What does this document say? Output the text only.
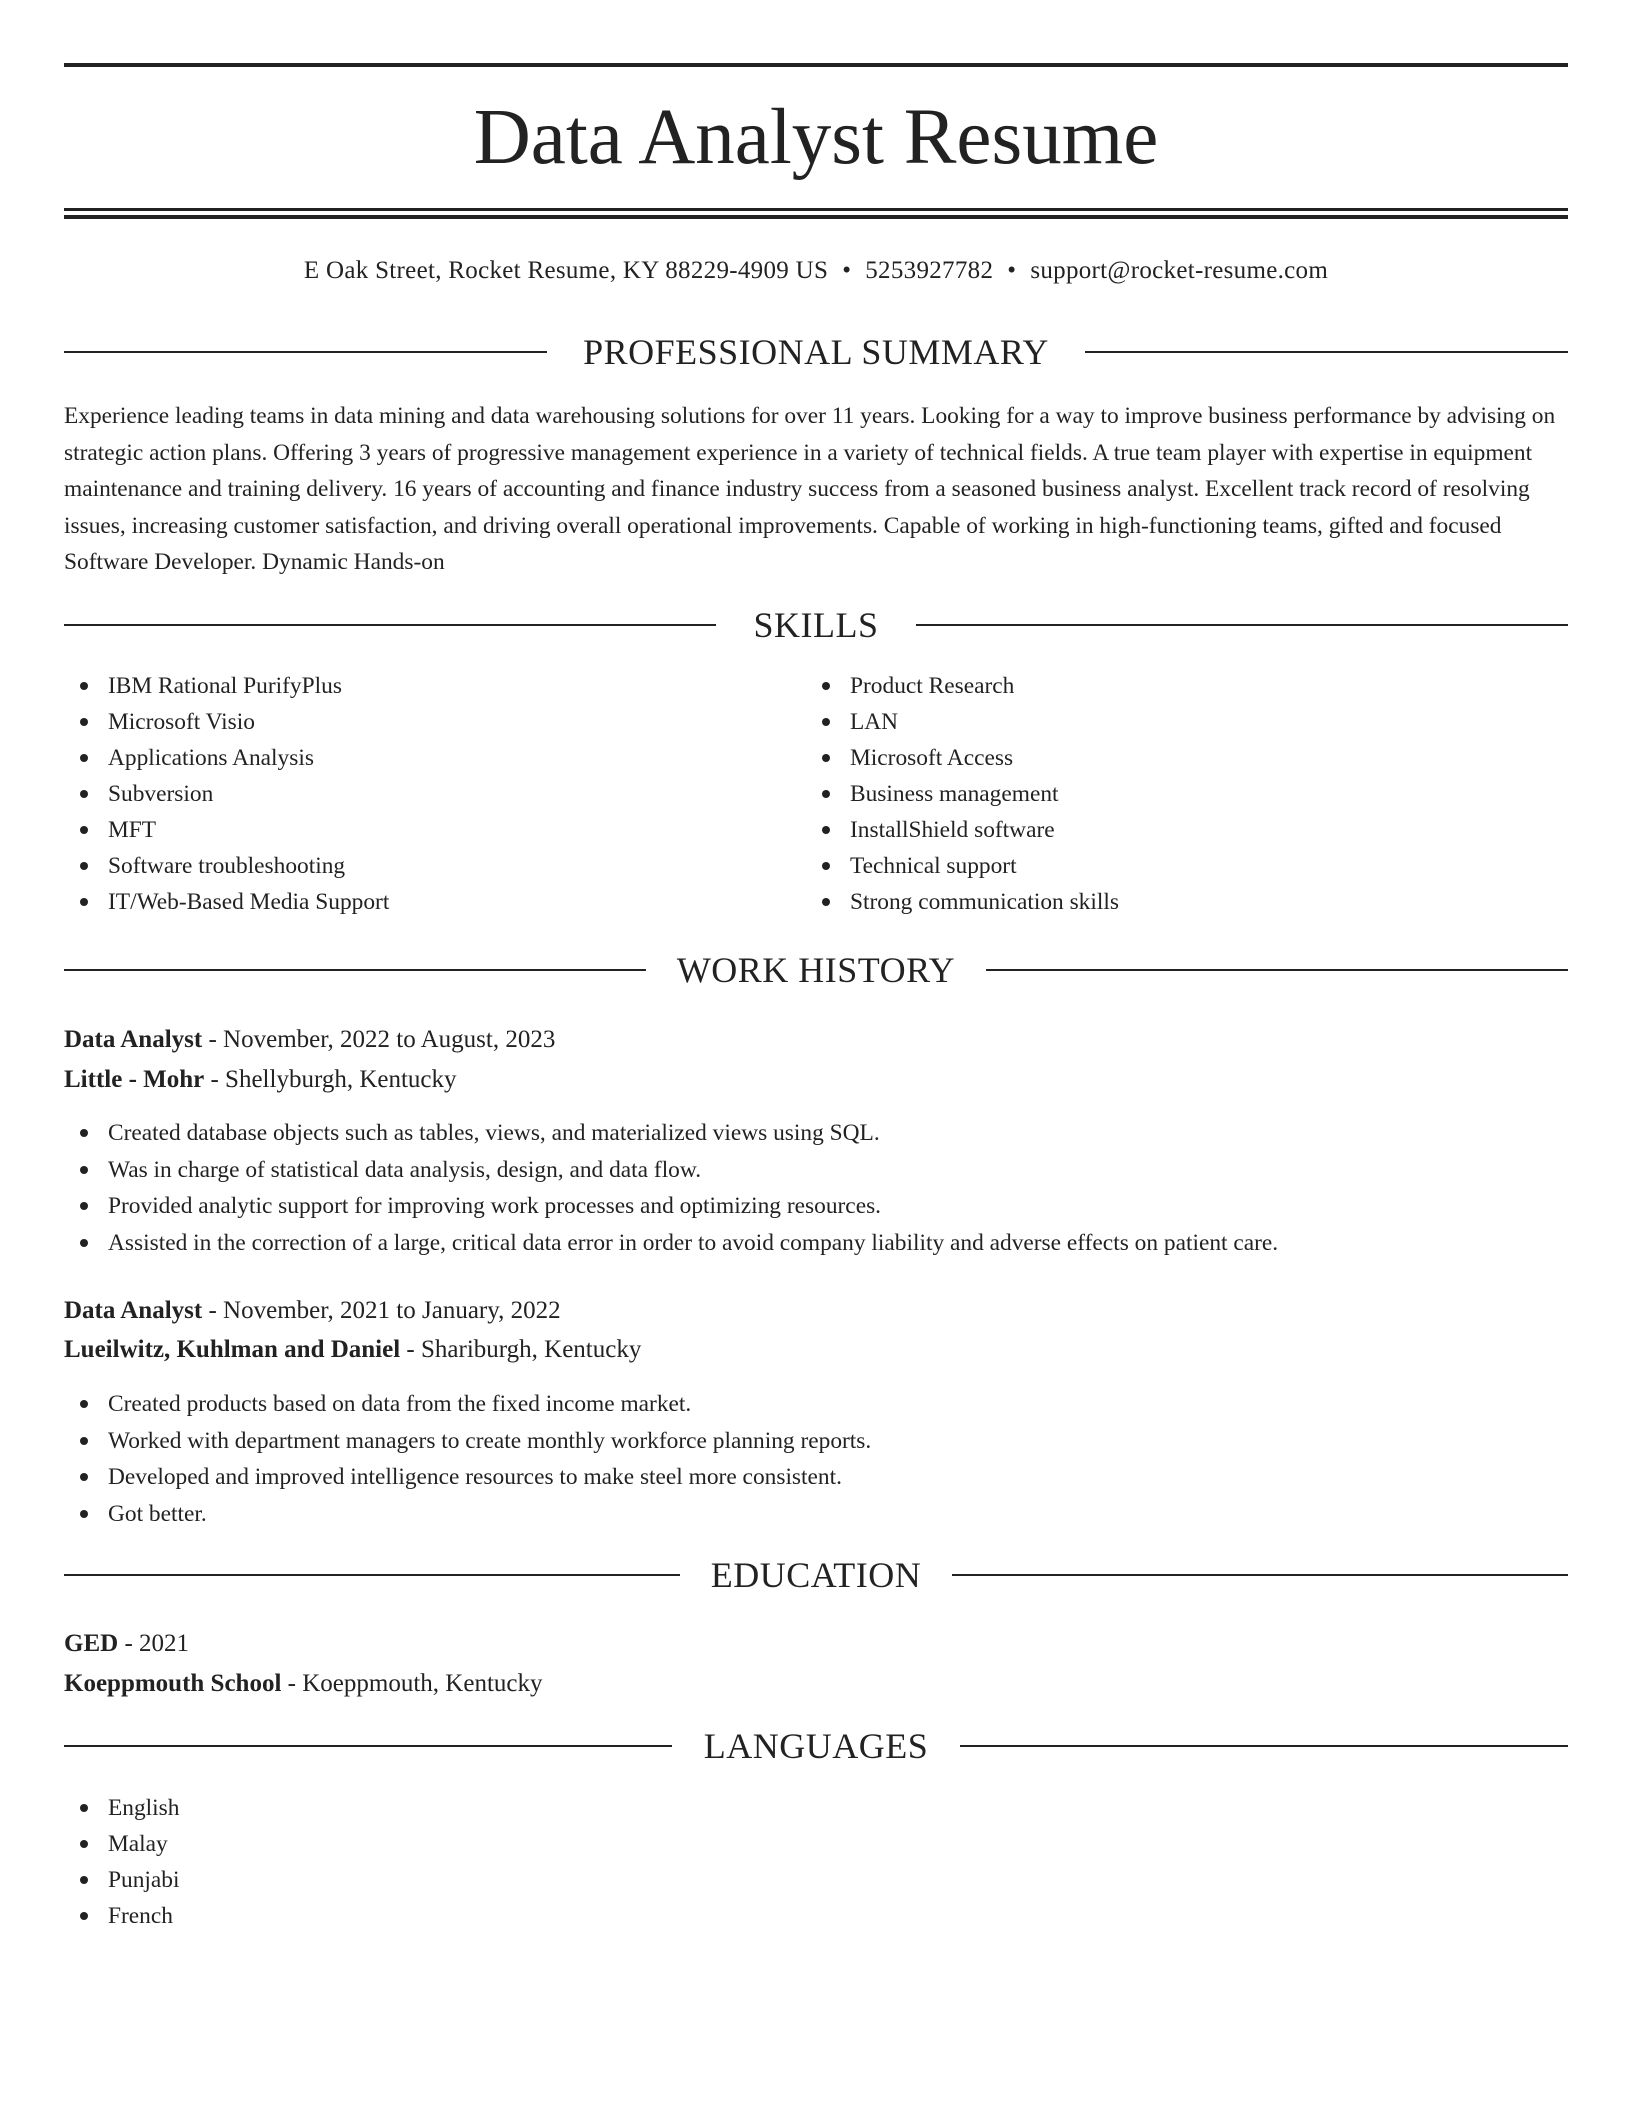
Data Analyst Resume
E Oak Street, Rocket Resume, KY 88229-4909 US • 5253927782 • support@rocket-resume.com
PROFESSIONAL SUMMARY

Experience leading teams in data mining and data warehousing solutions for over 11 years. Looking for a way to improve business performance by advising on strategic action plans. Offering 3 years of progressive management experience in a variety of technical fields. A true team player with expertise in equipment maintenance and training delivery. 16 years of accounting and finance industry success from a seasoned business analyst. Excellent track record of resolving issues, increasing customer satisfaction, and driving overall operational improvements. Capable of working in high-functioning teams, gifted and focused Software Developer. Dynamic Hands-on

SKILLS
IBM Rational PurifyPlus
Microsoft Visio
Applications Analysis
Subversion
MFT
Software troubleshooting
IT/Web-Based Media Support
Product Research
LAN
Microsoft Access
Business management
InstallShield software
Technical support
Strong communication skills
WORK HISTORY
Data Analyst - November, 2022 to August, 2023
Little - Mohr - Shellyburgh, Kentucky
Created database objects such as tables, views, and materialized views using SQL.
Was in charge of statistical data analysis, design, and data flow.
Provided analytic support for improving work processes and optimizing resources.
Assisted in the correction of a large, critical data error in order to avoid company liability and adverse effects on patient care.
Data Analyst - November, 2021 to January, 2022
Lueilwitz, Kuhlman and Daniel - Shariburgh, Kentucky
Created products based on data from the fixed income market.
Worked with department managers to create monthly workforce planning reports.
Developed and improved intelligence resources to make steel more consistent.
Got better.
EDUCATION
GED - 2021
Koeppmouth School - Koeppmouth, Kentucky
LANGUAGES
English
Malay
Punjabi
French
